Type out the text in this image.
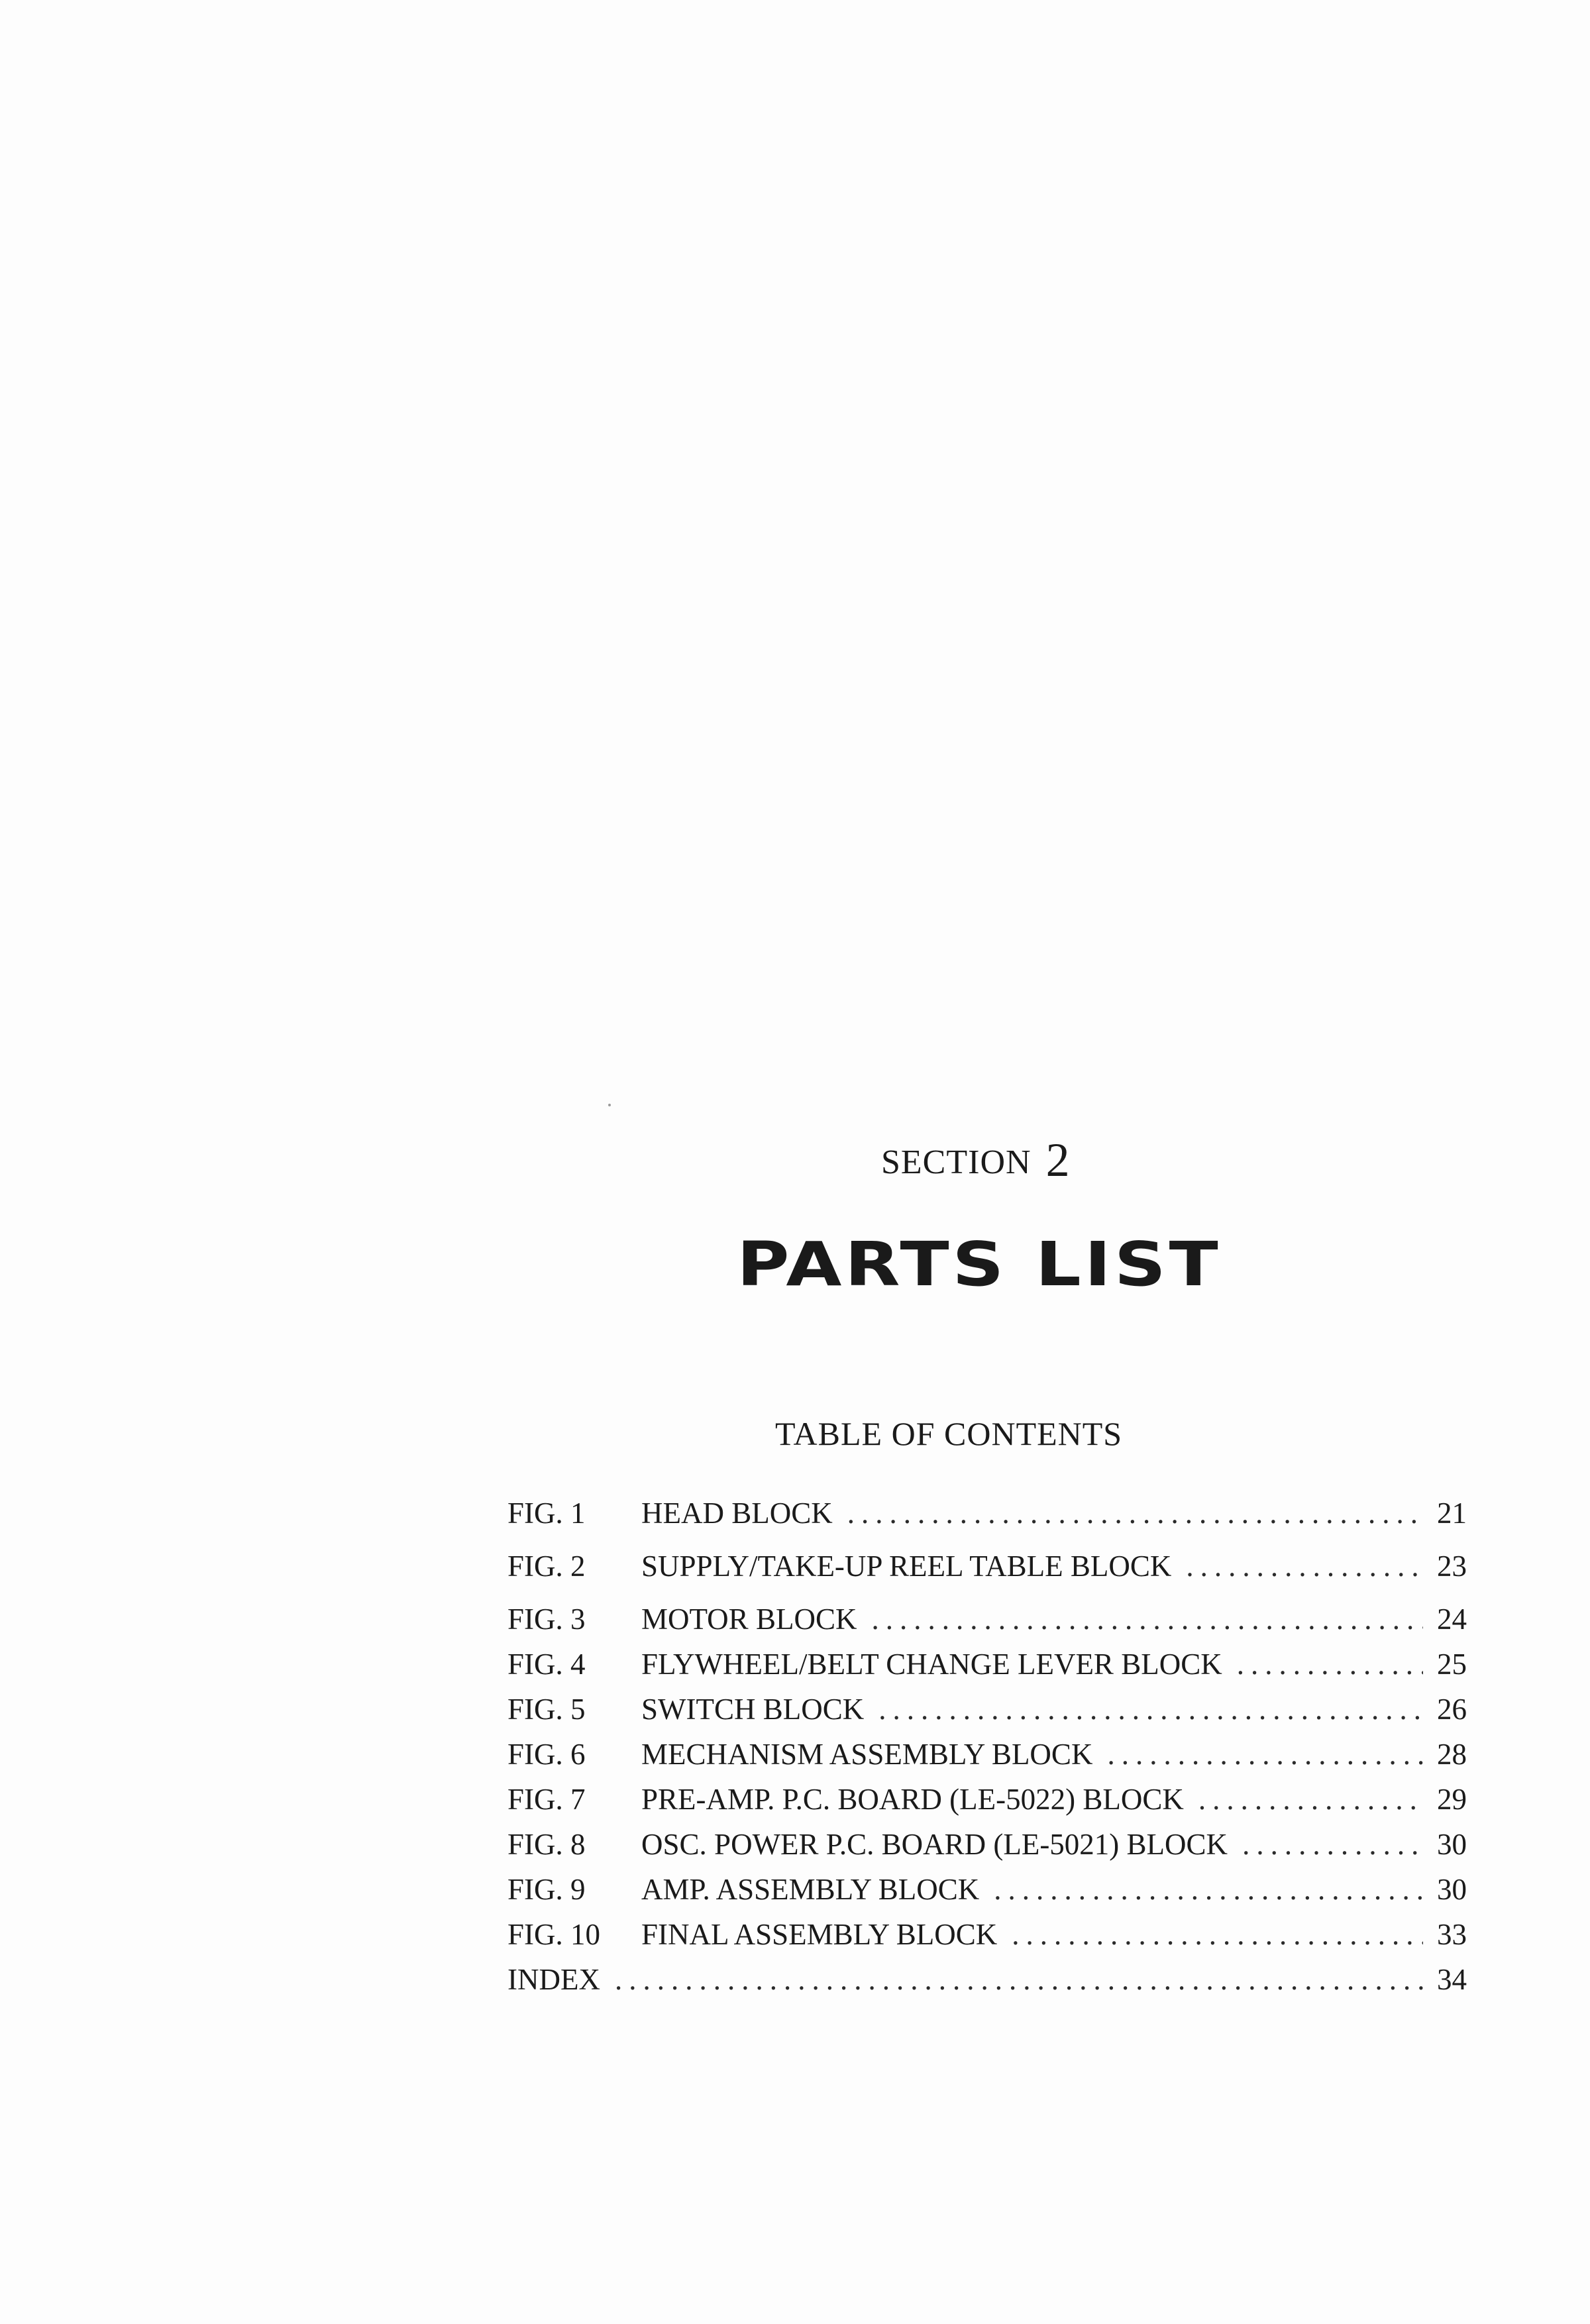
SECTION 2
PARTS LIST
TABLE OF CONTENTS
FIG. 1	HEAD BLOCK .....	21
FIG. 2	SUPPLY/TAKE-UP REEL TABLE BLOCK .....	23
FIG. 3	MOTOR BLOCK .....	24
FIG. 4	FLYWHEEL/BELT CHANGE LEVER BLOCK .....	25
FIG. 5	SWITCH BLOCK .....	26
FIG. 6	MECHANISM ASSEMBLY BLOCK .....	28
FIG. 7	PRE-AMP. P.C. BOARD (LE-5022) BLOCK .....	29
FIG. 8	OSC. POWER P.C. BOARD (LE-5021) BLOCK .....	30
FIG. 9	AMP. ASSEMBLY BLOCK .....	30
FIG. 10	FINAL ASSEMBLY BLOCK .....	33
INDEX .....	34
